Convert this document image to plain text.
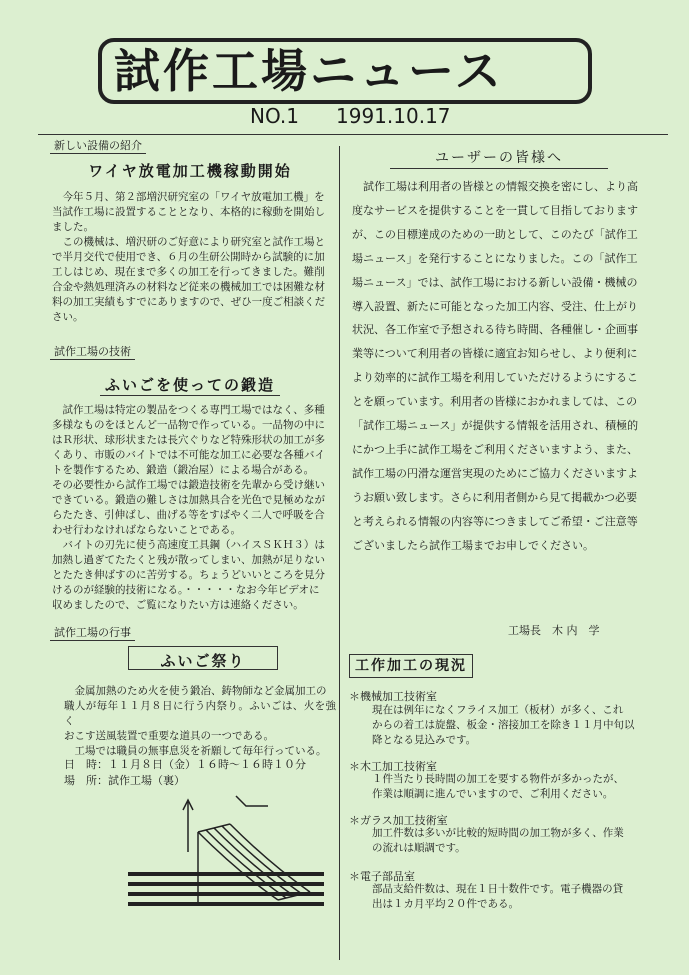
試作工場ニュース
NO.1 1991.10.17
新しい設備の紹介
ワイヤ放電加工機稼動開始

　今年５月、第２部増沢研究室の「ワイヤ放電加工機」を
当試作工場に設置することとなり、本格的に稼動を開始し
ました。
　この機械は、増沢研のご好意により研究室と試作工場と
で半月交代で使用でき、６月の生研公開時から試験的に加
工しはじめ、現在まで多くの加工を行ってきました。難削
合金や熱処理済みの材料など従来の機械加工では困難な材
料の加工実績もすでにありますので、ぜひ一度ご相談くだ
さい。

試作工場の技術
ふいごを使っての鍛造

　試作工場は特定の製品をつくる専門工場ではなく、多種
多様なものをほとんど一品物で作っている。一品物の中に
はＲ形状、球形状または長穴ぐりなど特殊形状の加工が多
くあり、市販のバイトでは不可能な加工に必要な各種バイ
トを製作するため、鍛造（鍛冶屋）による場合がある。
その必要性から試作工場では鍛造技術を先輩から受け継い
できている。鍛造の難しさは加熱具合を光色で見極めなが
らたたき、引伸ばし、曲げる等をすばやく二人で呼吸を合
わせ行わなければならないことである。
　バイトの刃先に使う高速度工具鋼（ハイスＳＫＨ３）は
加熱し過ぎてたたくと残が散ってしまい、加熱が足りない
とたたき伸ばすのに苦労する。ちょうどいいところを見分
けるのが経験的技術になる。・・・・・なお今年ビデオに
収めましたので、ご覧になりたい方は連絡ください。

試作工場の行事
ふいご祭り

　金属加熱のため火を使う鍛冶、鋳物師など金属加工の
職人が毎年１１月８日に行う内祭り。ふいごは、火を強く
おこす送風装置で重要な道具の一つである。
　工場では職員の無事息災を祈願して毎年行っている。

日　時：１１月８日（金）１６時～１６時１０分
場　所：試作工場（裏）
ユーザーの皆様へ

　試作工場は利用者の皆様との情報交換を密にし、より高
度なサービスを提供することを一貫して目指しております
が、この目標達成のための一助として、このたび「試作工
場ニュース」を発行することになりました。この「試作工
場ニュース」では、試作工場における新しい設備・機械の
導入設置、新たに可能となった加工内容、受注、仕上がり
状況、各工作室で予想される待ち時間、各種催し・企画事
業等について利用者の皆様に適宜お知らせし、より便利に
より効率的に試作工場を利用していただけるようにするこ
とを願っています。利用者の皆様におかれましては、この
「試作工場ニュース」が提供する情報を活用され、積極的
にかつ上手に試作工場をご利用くださいますよう、また、
試作工場の円滑な運営実現のためにご協力くださいますよ
うお願い致します。さらに利用者側から見て掲載かつ必要
と考えられる情報の内容等につきましてご希望・ご注意等
ございましたら試作工場までお申しでください。

工場長　木 内　学
工作加工の現況
＊機械加工技術室

現在は例年になくフライス加工（板材）が多く、これ
からの着工は旋盤、板金・溶接加工を除き１１月中旬以
降となる見込みです。

＊木工加工技術室

１件当たり長時間の加工を要する物件が多かったが、
作業は順調に進んでいますので、ご利用ください。

＊ガラス加工技術室

加工件数は多いが比較的短時間の加工物が多く、作業
の流れは順調です。

＊電子部品室

部品支給件数は、現在１日十数件です。電子機器の貸
出は１カ月平均２０件である。
